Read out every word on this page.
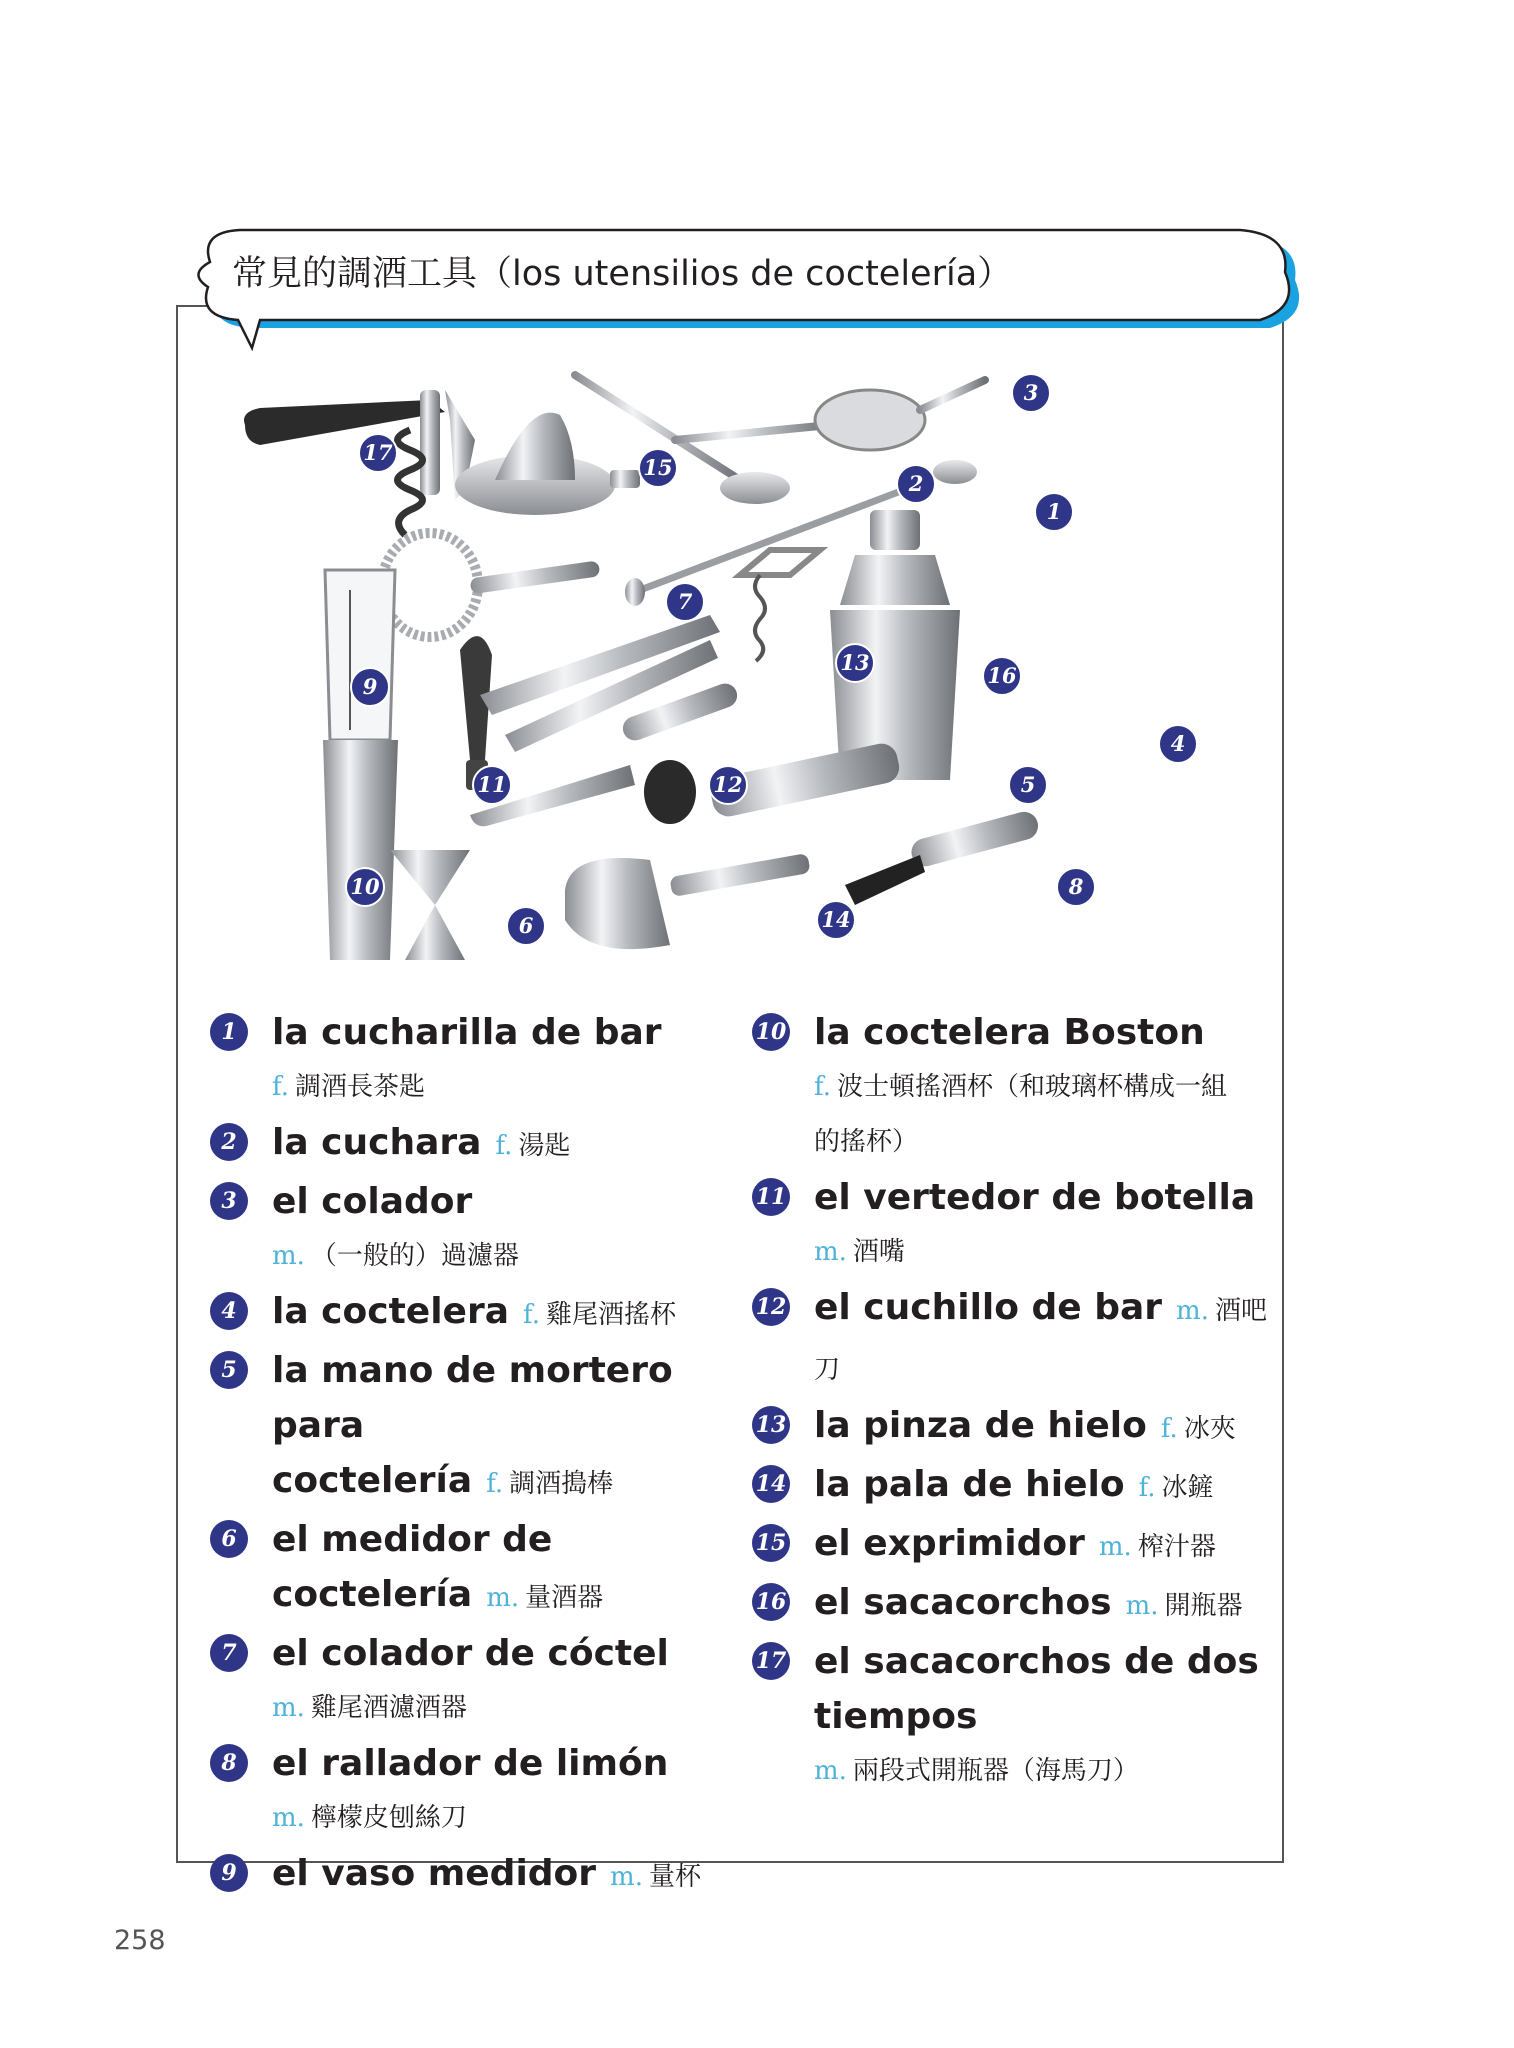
常見的調酒工具（los utensilios de coctelería）
17
15
2
3
1
7
13
16
9
4
11	12	5
10	8
6	14
1 la cucharilla de bar
f. 調酒長茶匙
2 la cuchara f. 湯匙
3 el colador
m. （一般的）過濾器
4 la coctelera f. 雞尾酒搖杯
5 la mano de mortero para
coctelería f. 調酒搗棒
6 el medidor de
coctelería m. 量酒器
7 el colador de cóctel
m. 雞尾酒濾酒器
8 el rallador de limón
m. 檸檬皮刨絲刀
9 el vaso medidor m. 量杯
10 la coctelera Boston
f. 波士頓搖酒杯（和玻璃杯構成一組
的搖杯）
11 el vertedor de botella
m. 酒嘴
12 el cuchillo de bar m. 酒吧刀
13 la pinza de hielo f. 冰夾
14 la pala de hielo f. 冰鏟
15 el exprimidor m. 榨汁器
16 el sacacorchos m. 開瓶器
17 el sacacorchos de dos
tiempos
m. 兩段式開瓶器（海馬刀）
258
